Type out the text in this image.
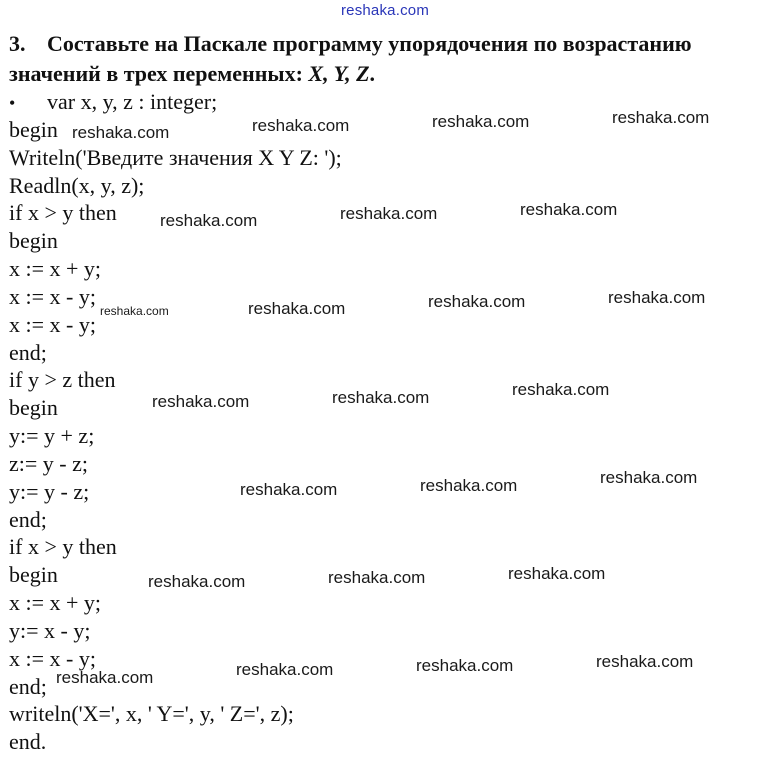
reshaka.com
3. Составьте на Паскале программу упорядочения по возрастанию
значений в трех переменных: X, Y, Z.
• var x, y, z : integer;
begin
Writeln('Введите значения X Y Z: ');
Readln(x, y, z);
if x > y then
begin
x := x + y;
x := x - y;
x := x - y;
end;
if y > z then
begin
y:= y + z;
z:= y - z;
y:= y - z;
end;
if x > y then
begin
x := x + y;
y:= x - y;
x := x - y;
end;
writeln('X=', x, ' Y=', y, ' Z=', z);
end.
reshaka.com	reshaka.com	reshaka.com	reshaka.com
reshaka.com	reshaka.com	reshaka.com
reshaka.com	reshaka.com	reshaka.com	reshaka.com
reshaka.com	reshaka.com	reshaka.com
reshaka.com	reshaka.com	reshaka.com
reshaka.com	reshaka.com	reshaka.com
reshaka.com	reshaka.com	reshaka.com	reshaka.com
